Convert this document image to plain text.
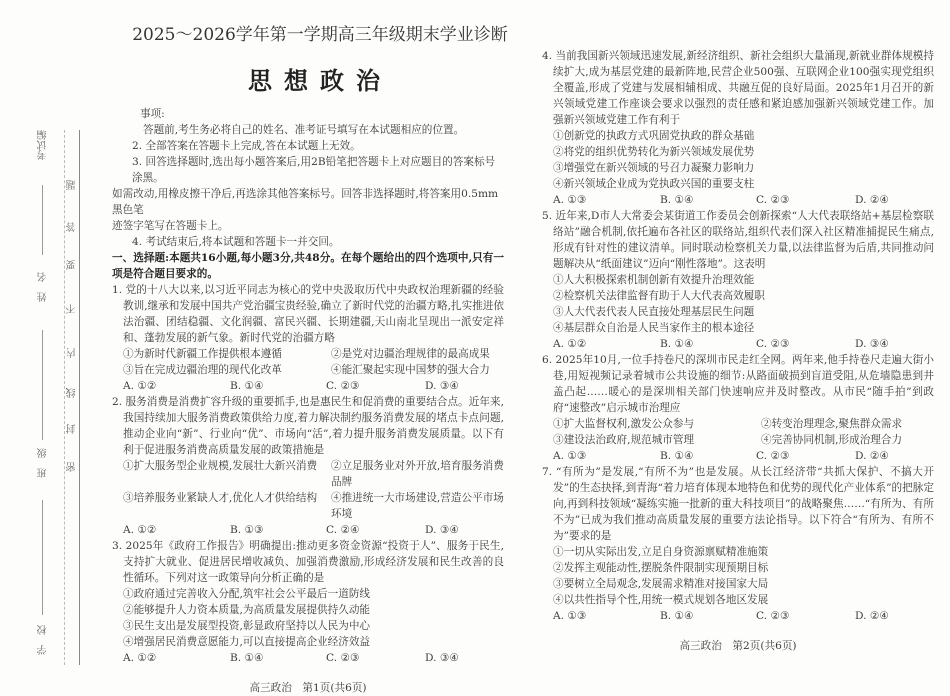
考试编
姓　名
班　级
学　校
密
封
线
内
不
要
答
题
2025～2026学年第一学期高三年级期末学业诊断
思想政治

事项:

答题前,考生务必将自己的姓名、准考证号填写在本试题相应的位置。

2. 全部答案在答题卡上完成,答在本试题上无效。

3. 回答选择题时,选出每小题答案后,用2B铅笔把答题卡上对应题目的答案标号涂黑。

如需改动,用橡皮擦干净后,再选涂其他答案标号。回答非选择题时,将答案用0.5mm黑色笔

迹签字笔写在答题卡上。

4. 考试结束后,将本试题和答题卡一并交回。

一、选择题:本题共16小题,每小题3分,共48分。在每个题给出的四个选项中,只有一项是符合题目要求的。

1. 党的十八大以来,以习近平同志为核心的党中央汲取历代中央政权治理新疆的经验教训,继承和发展中国共产党治疆宝贵经验,确立了新时代党的治疆方略,扎实推进依法治疆、团结稳疆、文化润疆、富民兴疆、长期建疆,天山南北呈现出一派安定祥和、蓬勃发展的新气象。新时代党的治疆方略

①为新时代新疆工作提供根本遵循	②是党对边疆治理规律的最高成果
③旨在完成边疆治理的现代化改革	④能汇聚起实现中国梦的强大合力
A. ①②	B. ①④	C. ②③	D. ③④

2. 服务消费是消费扩容升级的重要抓手,也是惠民生和促消费的重要结合点。近年来,我国持续加大服务消费政策供给力度,着力解决制约服务消费发展的堵点卡点问题,推动企业向“新”、行业向“优”、市场向“活”,着力提升服务消费发展质量。以下有利于促进服务消费高质量发展的政策措施是

①扩大服务型企业规模,发展壮大新兴消费	②立足服务业对外开放,培育服务消费品牌
③培养服务业紧缺人才,优化人才供给结构	④推进统一大市场建设,营造公平市场环境
A. ①②	B. ①③	C. ②④	D. ③④

3. 2025年《政府工作报告》明确提出:推动更多资金资源“投资于人”、服务于民生,支持扩大就业、促进居民增收减负、加强消费激励,形成经济发展和民生改善的良性循环。下列对这一政策导向分析正确的是

①政府通过完善收入分配,筑牢社会公平最后一道防线

②能够提升人力资本质量,为高质量发展提供持久动能

③民生支出是发展型投资,彰显政府坚持以人民为中心

④增强居民消费意愿能力,可以直接提高企业经济效益

A. ①②	B. ①④	C. ②③	D. ③④
高三政治　第1页(共6页)

4. 当前我国新兴领域迅速发展,新经济组织、新社会组织大量涌现,新就业群体规模持续扩大,成为基层党建的最新阵地,民营企业500强、互联网企业100强实现党组织全覆盖,形成了党建与发展相辅相成、共融互促的良好局面。2025年1月召开的新兴领域党建工作座谈会要求以强烈的责任感和紧迫感加强新兴领域党建工作。加强新兴领域党建工作有利于

①创新党的执政方式巩固党执政的群众基础

②将党的组织优势转化为新兴领域发展优势

③增强党在新兴领域的号召力凝聚力影响力

④新兴领域企业成为党执政兴国的重要支柱

A. ①③	B. ①④	C. ②③	D. ②④

5. 近年来,D市人大常委会某街道工作委员会创新探索“人大代表联络站+基层检察联络站”融合机制,依托遍布各社区的联络站,组织代表们深入社区精准捕捉民生痛点,形成有针对性的建议清单。同时联动检察机关力量,以法律监督为后盾,共同推动问题解决从“纸面建议”迈向“刚性落地”。这表明

①人大积极探索机制创新有效提升治理效能

②检察机关法律监督有助于人大代表高效履职

③人大代表代表人民直接处理基层民生问题

④基层群众自治是人民当家作主的根本途径

A. ①②	B. ①④	C. ②③	D. ③④

6. 2025年10月,一位手持卷尺的深圳市民走红全网。两年来,他手持卷尺走遍大街小巷,用短视频记录着城市公共设施的细节:从路面破损到盲道受阻,从危墙隐患到井盖凸起……暖心的是深圳相关部门快速响应并及时整改。从市民“随手拍”到政府“速整改”启示城市治理应

①扩大监督权利,激发公众参与	②转变治理理念,聚焦群众需求
③建设法治政府,规范城市管理	④完善协同机制,形成治理合力
A. ①③	B. ①④	C. ②③	D. ②④

7. “有所为”是发展,“有所不为”也是发展。从长江经济带“共抓大保护、不搞大开发”的生态抉择,到青海“着力培育体现本地特色和优势的现代化产业体系”的把脉定向,再到科技领域“凝练实施一批新的重大科技项目”的战略聚焦……“有所为、有所不为”已成为我们推动高质量发展的重要方法论指导。以下符合“有所为、有所不为”要求的是

①一切从实际出发,立足自身资源禀赋精准施策

②发挥主观能动性,摆脱条件限制实现预期目标

③要树立全局观念,发展需求精准对接国家大局

④以共性指导个性,用统一模式规划各地区发展

A. ①③	B. ①④	C. ②③	D. ②④
高三政治　第2页(共6页)
